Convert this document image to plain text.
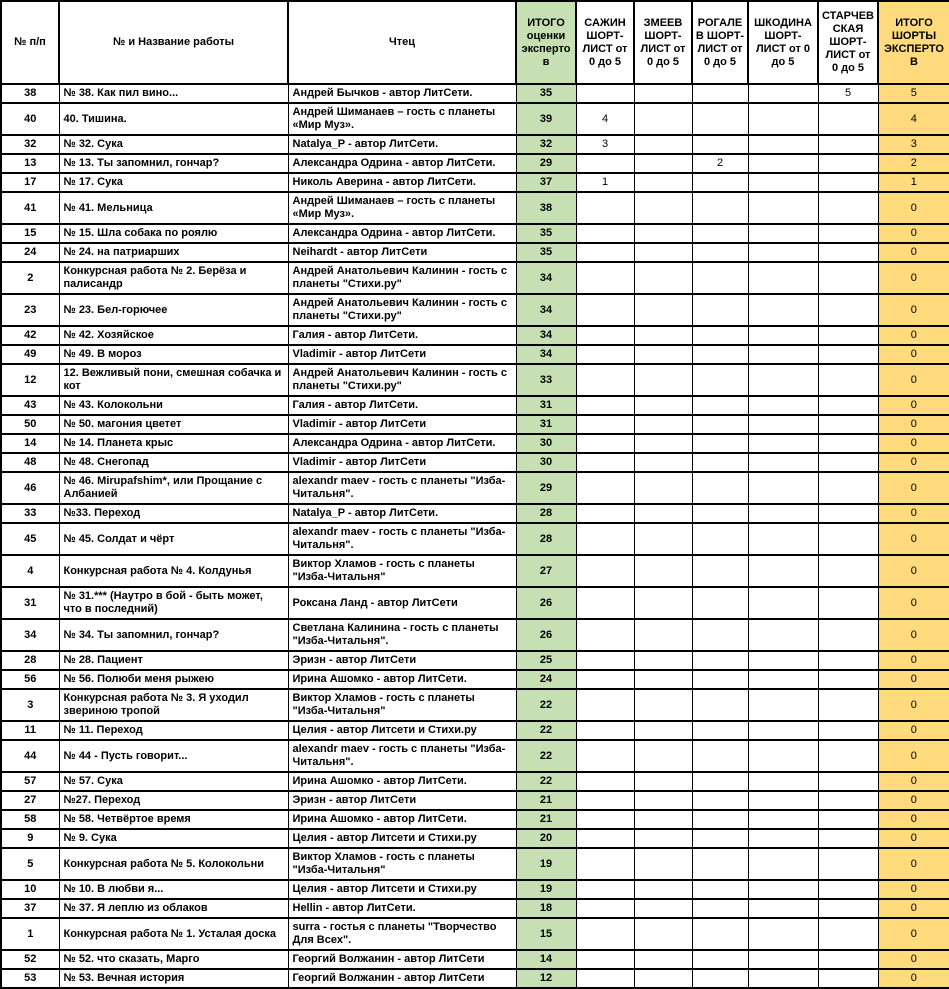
№ п/п	№ и Название работы	Чтец	ИТОГО оценки экспертов	САЖИН ШОРТ-ЛИСТ от 0 до 5	ЗМЕЕВ ШОРТ-ЛИСТ от 0 до 5	РОГАЛЕВ ШОРТ-ЛИСТ от 0 до 5	ШКОДИНА ШОРТ-ЛИСТ от 0 до 5	СТАРЧЕВСКАЯ ШОРТ-ЛИСТ от 0 до 5	ИТОГО ШОРТЫ ЭКСПЕРТОВ
38	№ 38. Как пил вино...	Андрей Бычков - автор ЛитСети.	35					5	5
40	40. Тишина.	Андрей Шиманаев – гость с планеты «Мир Муз».	39	4					4
32	№ 32. Сука	Natalya_P - автор ЛитСети.	32	3					3
13	№ 13. Ты запомнил, гончар?	Александра Одрина - автор ЛитСети.	29			2			2
17	№ 17. Сука	Николь Аверина - автор ЛитСети.	37	1					1
41	№ 41. Мельница	Андрей Шиманаев – гость с планеты «Мир Муз».	38						0
15	№ 15. Шла собака по роялю	Александра Одрина - автор ЛитСети.	35						0
24	№ 24. на патриарших	Neihardt - автор ЛитСети	35						0
2	Конкурсная работа № 2. Берёза и палисандр	Андрей Анатольевич Калинин - гость с планеты "Стихи.ру"	34						0
23	№ 23. Бел-горючее	Андрей Анатольевич Калинин - гость с планеты "Стихи.ру"	34						0
42	№ 42. Хозяйское	Галия - автор ЛитСети.	34						0
49	№ 49. В мороз	Vladimir - автор ЛитСети	34						0
12	12. Вежливый пони, смешная собачка и кот	Андрей Анатольевич Калинин - гость с планеты "Стихи.ру"	33						0
43	№ 43. Колокольни	Галия - автор ЛитСети.	31						0
50	№ 50. магония цветет	Vladimir - автор ЛитСети	31						0
14	№ 14. Планета крыс	Александра Одрина - автор ЛитСети.	30						0
48	№ 48. Снегопад	Vladimir - автор ЛитСети	30						0
46	№ 46. Mirupafshim*, или Прощание с Албанией	alexandr maev - гость с планеты "Изба-Читальня".	29						0
33	№33. Переход	Natalya_P - автор ЛитСети.	28						0
45	№ 45. Солдат и чёрт	alexandr maev - гость с планеты "Изба-Читальня".	28						0
4	Конкурсная работа № 4. Колдунья	Виктор Хламов - гость с планеты "Изба-Читальня"	27						0
31	№ 31.*** (Наутро в бой - быть может, что в последний)	Роксана Ланд - автор ЛитСети	26						0
34	№ 34. Ты запомнил, гончар?	Светлана Калинина - гость с планеты "Изба-Читальня".	26						0
28	№ 28. Пациент	Эризн - автор ЛитСети	25						0
56	№ 56. Полюби меня рыжею	Ирина Ашомко - автор ЛитСети.	24						0
3	Конкурсная работа № 3. Я уходил звериною тропой	Виктор Хламов - гость с планеты "Изба-Читальня"	22						0
11	№ 11. Переход	Целия - автор Литсети и Стихи.ру	22						0
44	№ 44 - Пусть говорит...	alexandr maev - гость с планеты "Изба-Читальня".	22						0
57	№ 57. Сука	Ирина Ашомко - автор ЛитСети.	22						0
27	№27. Переход	Эризн - автор ЛитСети	21						0
58	№ 58. Четвёртое время	Ирина Ашомко - автор ЛитСети.	21						0
9	№ 9. Сука	Целия - автор Литсети и Стихи.ру	20						0
5	Конкурсная работа № 5. Колокольни	Виктор Хламов - гость с планеты "Изба-Читальня"	19						0
10	№ 10. В любви я...	Целия - автор Литсети и Стихи.ру	19						0
37	№ 37. Я леплю из облаков	Hellin - автор ЛитСети.	18						0
1	Конкурсная работа № 1. Усталая доска	surra - гостья с планеты "Творчество Для Всех".	15						0
52	№ 52. что сказать, Марго	Георгий Волжанин - автор ЛитСети	14						0
53	№ 53. Вечная история	Георгий Волжанин - автор ЛитСети	12						0
